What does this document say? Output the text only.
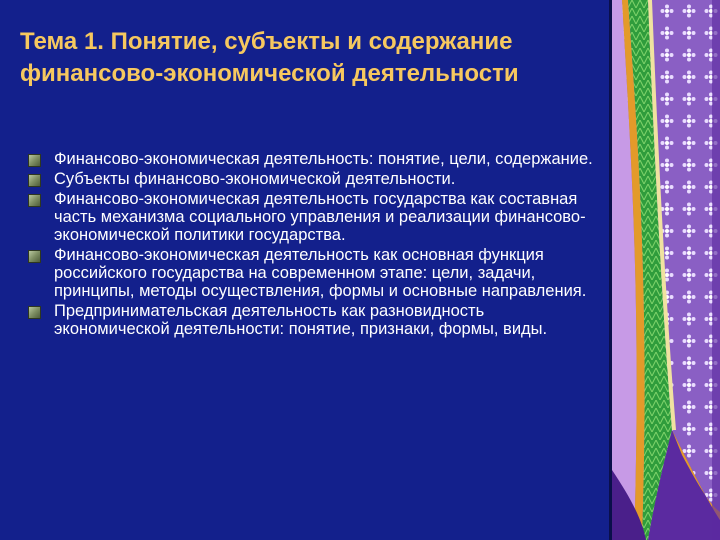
Тема 1. Понятие, субъекты и содержание финансово-экономической деятельности
Финансово-экономическая деятельность: понятие, цели, содержание.
Субъекты финансово-экономической деятельности.
Финансово-экономическая деятельность государства как составная часть механизма социального управления и реализации финансово-экономической политики государства.
Финансово-экономическая деятельность как основная функция российского государства на современном этапе: цели, задачи, принципы, методы осуществления, формы и основные направления.
Предпринимательская деятельность как разновидность экономической деятельности: понятие, признаки, формы, виды.
